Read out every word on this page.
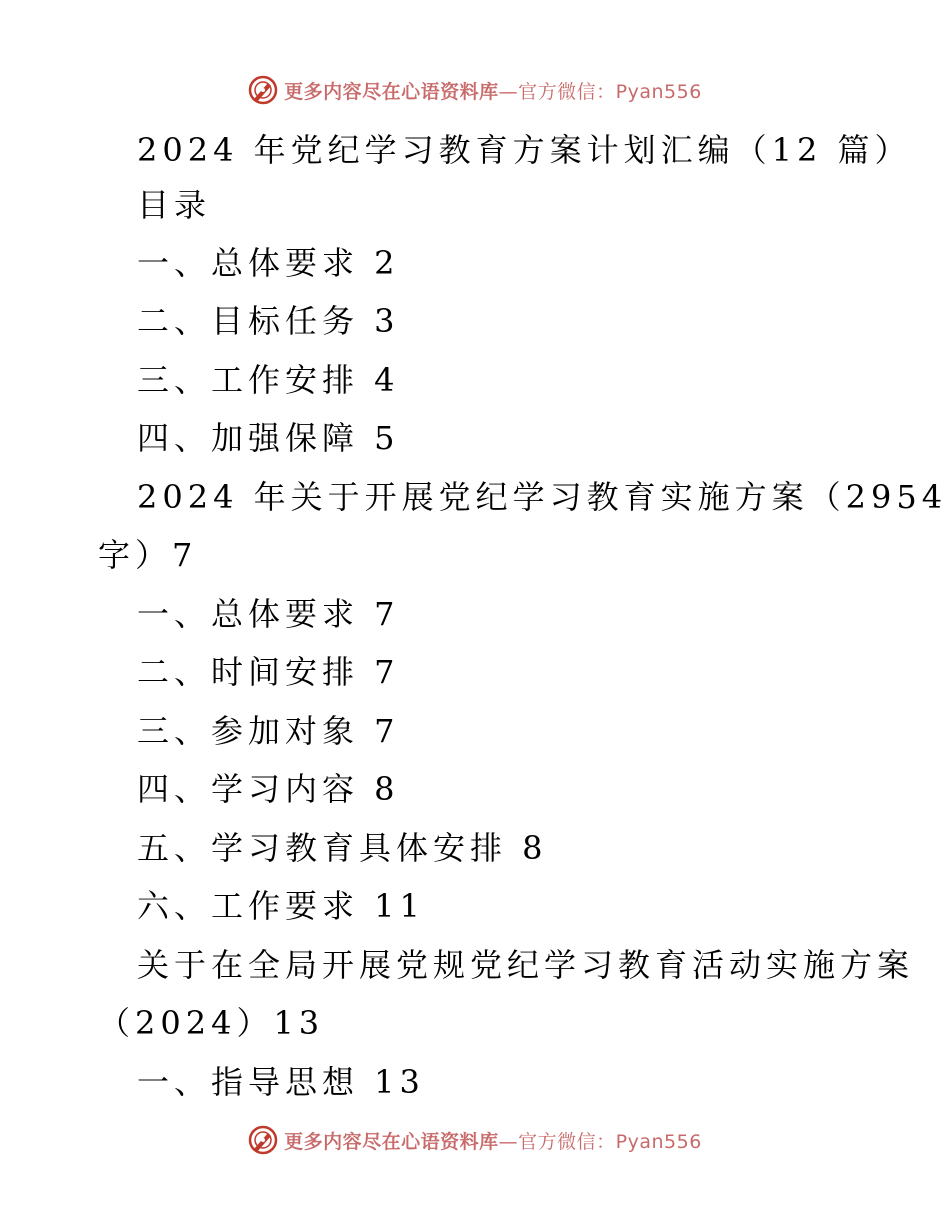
更多内容尽在心语资料库—官方微信：Pyan556
2024 年党纪学习教育方案计划汇编（12 篇）
目录
一、总体要求 2
二、目标任务 3
三、工作安排 4
四、加强保障 5
2024 年关于开展党纪学习教育实施方案（2954
字）7
一、总体要求 7
二、时间安排 7
三、参加对象 7
四、学习内容 8
五、学习教育具体安排 8
六、工作要求 11
关于在全局开展党规党纪学习教育活动实施方案
（2024）13
一、指导思想 13
更多内容尽在心语资料库—官方微信：Pyan556
